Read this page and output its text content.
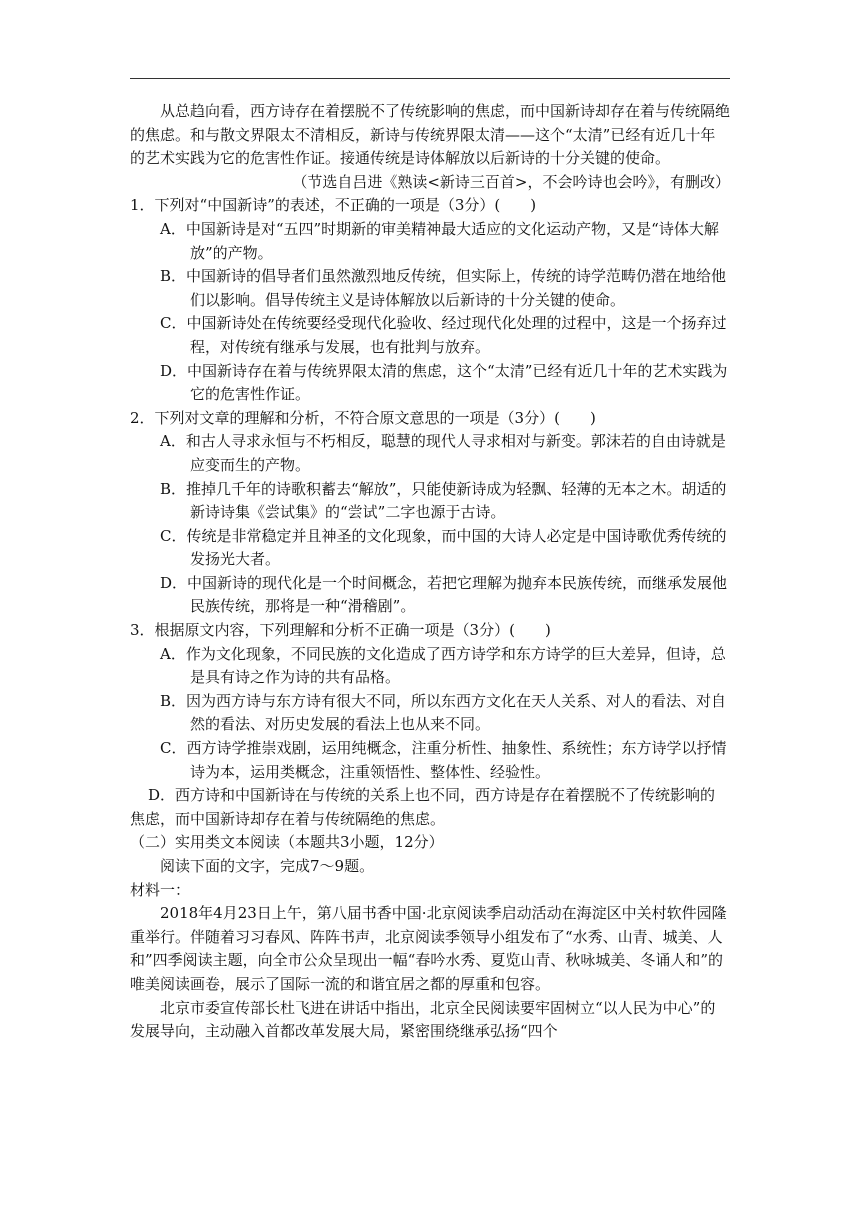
从总趋向看，西方诗存在着摆脱不了传统影响的焦虑，而中国新诗却存在着与传统隔绝的焦虑。和与散文界限太不清相反，新诗与传统界限太清——这个“太清”已经有近几十年的艺术实践为它的危害性作证。接通传统是诗体解放以后新诗的十分关键的使命。

（节选自吕进《熟读<新诗三百首>，不会吟诗也会吟》，有删改）

1．下列对“中国新诗”的表述，不正确的一项是（3分）(　　)

A．中国新诗是对“五四”时期新的审美精神最大适应的文化运动产物，又是“诗体大解放”的产物。

B．中国新诗的倡导者们虽然激烈地反传统，但实际上，传统的诗学范畴仍潜在地给他们以影响。倡导传统主义是诗体解放以后新诗的十分关键的使命。

C．中国新诗处在传统要经受现代化验收、经过现代化处理的过程中，这是一个扬弃过程，对传统有继承与发展，也有批判与放弃。

D．中国新诗存在着与传统界限太清的焦虑，这个“太清”已经有近几十年的艺术实践为它的危害性作证。

2．下列对文章的理解和分析，不符合原文意思的一项是（3分）(　　)

A．和古人寻求永恒与不朽相反，聪慧的现代人寻求相对与新变。郭沫若的自由诗就是应变而生的产物。

B．推掉几千年的诗歌积蓄去“解放”，只能使新诗成为轻飘、轻薄的无本之木。胡适的新诗诗集《尝试集》的“尝试”二字也源于古诗。

C．传统是非常稳定并且神圣的文化现象，而中国的大诗人必定是中国诗歌优秀传统的发扬光大者。

D．中国新诗的现代化是一个时间概念，若把它理解为抛弃本民族传统，而继承发展他民族传统，那将是一种“滑稽剧”。

3．根据原文内容，下列理解和分析不正确一项是（3分）(　　)

A．作为文化现象，不同民族的文化造成了西方诗学和东方诗学的巨大差异，但诗，总是具有诗之作为诗的共有品格。

B．因为西方诗与东方诗有很大不同，所以东西方文化在天人关系、对人的看法、对自然的看法、对历史发展的看法上也从来不同。

C．西方诗学推崇戏剧，运用纯概念，注重分析性、抽象性、系统性；东方诗学以抒情诗为本，运用类概念，注重领悟性、整体性、经验性。

D．西方诗和中国新诗在与传统的关系上也不同，西方诗是存在着摆脱不了传统影响的焦虑，而中国新诗却存在着与传统隔绝的焦虑。

（二）实用类文本阅读（本题共3小题，12分）

阅读下面的文字，完成7～9题。

材料一：

2018年4月23日上午，第八届书香中国·北京阅读季启动活动在海淀区中关村软件园隆重举行。伴随着习习春风、阵阵书声，北京阅读季领导小组发布了“水秀、山青、城美、人和”四季阅读主题，向全市公众呈现出一幅“春吟水秀、夏览山青、秋咏城美、冬诵人和”的唯美阅读画卷，展示了国际一流的和谐宜居之都的厚重和包容。

北京市委宣传部长杜飞进在讲话中指出，北京全民阅读要牢固树立“以人民为中心”的发展导向，主动融入首都改革发展大局，紧密围绕继承弘扬“四个
